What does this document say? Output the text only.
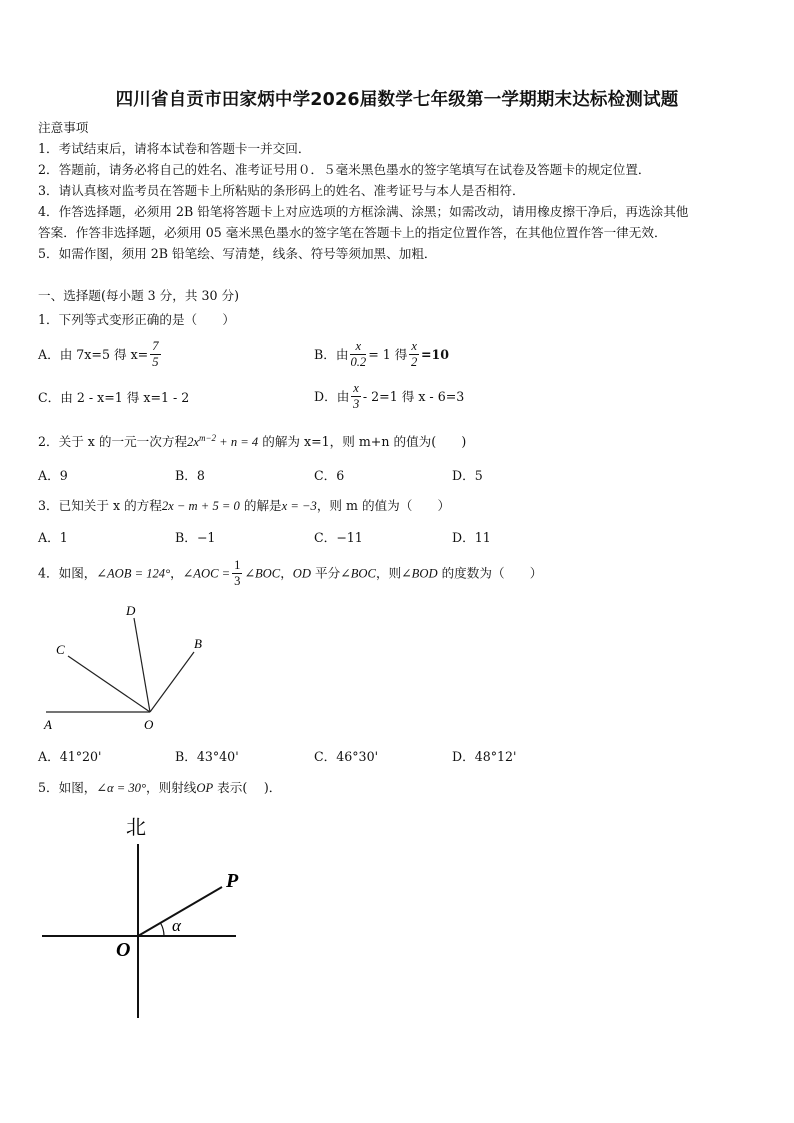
四川省自贡市田家炳中学2026届数学七年级第一学期期末达标检测试题
注意事项
1．考试结束后，请将本试卷和答题卡一并交回．
2．答题前，请务必将自己的姓名、准考证号用０．５毫米黑色墨水的签字笔填写在试卷及答题卡的规定位置．
3．请认真核对监考员在答题卡上所粘贴的条形码上的姓名、准考证号与本人是否相符．
4．作答选择题，必须用 2B 铅笔将答题卡上对应选项的方框涂满、涂黑；如需改动，请用橡皮擦干净后，再选涂其他
答案．作答非选择题，必须用 05 毫米黑色墨水的签字笔在答题卡上的指定位置作答，在其他位置作答一律无效．
5．如需作图，须用 2B 铅笔绘、写清楚，线条、符号等须加黑、加粗．
一、选择题(每小题 3 分，共 30 分)
1．下列等式变形正确的是（　　）
A．由 7x=5 得 $x= \frac{7}{5}$	B．由 $\frac{x}{0.2} = 1$ 得 $\frac{x}{2} =10$
C．由 2 - x=1 得 x=1 - 2	D．由 $\frac{x}{3} - 2=1$ 得 x - 6=3
2．关于 x 的一元一次方程$2x^{m-2} + n = 4$ 的解为 x=1，则 m+n 的值为(　　)
A．9	B．8	C．6	D．5
3．已知关于 x 的方程2x − m + 5 = 0 的解是x = −3，则 m 的值为（　　）
A．1	B．−1	C．−11	D．11
4．如图，∠AOB = 124°，∠AOC = $\frac{1}{3}$ ∠BOC，OD 平分∠BOC，则∠BOD 的度数为（　　）
A	O
C
D
B
A．41°20'	B．43°40'	C．46°30'	D．48°12'
5．如图，∠α = 30°，则射线OP 表示(　 )．
北
P
O
α
